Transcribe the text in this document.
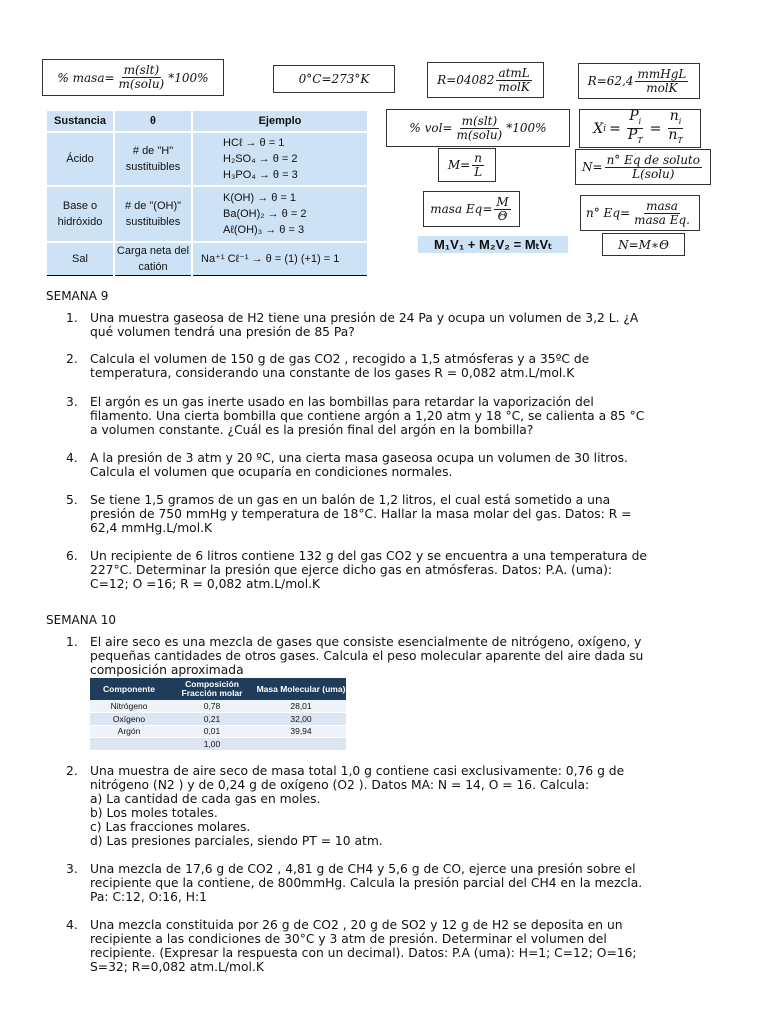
% masa= $\frac{\text{m(slt)}}{\text{m(solu)}} *100\%$	0°C=273°K	$R=04082 \frac{\text{atmL}}{\text{molK}}$	$R=62,4 \frac{\text{mmHgL}}{\text{molK}}$
Sustancia	θ	Ejemplo
Ácido	# de "H" sustituibles	HCℓ → θ = 1
H₂SO₄ → θ = 2
H₃PO₄ → θ = 3

Base o hidróxido	# de "(OH)" sustituibles	K(OH) → θ = 1
Ba(OH)₂ → θ = 2
Aℓ(OH)₃ → θ = 3

Sal	Carga neta del catión	Na⁺¹ Cℓ⁻¹ → θ = (1) (+1) = 1
% $vol= \frac{\text{m(slt)}}{\text{m(solu)}} *100\%$	X $i = \frac{P_i}{P_T} = \frac{n_i}{n_T}$
$M= \frac{n}{L}$	$N= \frac{\text{n° Eq de soluto}}{\text{L(solu)}}$
masa $Eq= \frac{M}{\Theta}$	n° $Eq= \frac{\text{masa}}{\text{masa Eq.}}$
M₁V₁ + M₂V₂ = MₜVₜ	N=M∗Θ
SEMANA 9
1. Una muestra gaseosa de H2 tiene una presión de 24 Pa y ocupa un volumen de 3,2 L. ¿A
qué volumen tendrá una presión de 85 Pa?
2. Calcula el volumen de 150 g de gas CO2 , recogido a 1,5 atmósferas y a 35ºC de
temperatura, considerando una constante de los gases R = 0,082 atm.L/mol.K
3. El argón es un gas inerte usado en las bombillas para retardar la vaporización del
filamento. Una cierta bombilla que contiene argón a 1,20 atm y 18 °C, se calienta a 85 °C
a volumen constante. ¿Cuál es la presión final del argón en la bombilla?
4. A la presión de 3 atm y 20 ºC, una cierta masa gaseosa ocupa un volumen de 30 litros.
Calcula el volumen que ocuparía en condiciones normales.
5. Se tiene 1,5 gramos de un gas en un balón de 1,2 litros, el cual está sometido a una
presión de 750 mmHg y temperatura de 18°C. Hallar la masa molar del gas. Datos: R =
62,4 mmHg.L/mol.K
6. Un recipiente de 6 litros contiene 132 g del gas CO2 y se encuentra a una temperatura de
227°C. Determinar la presión que ejerce dicho gas en atmósferas. Datos: P.A. (uma):
C=12; O =16; R = 0,082 atm.L/mol.K
SEMANA 10
1. El aire seco es una mezcla de gases que consiste esencialmente de nitrógeno, oxígeno, y
pequeñas cantidades de otros gases. Calcula el peso molecular aparente del aire dada su
composición aproximada
2. Una muestra de aire seco de masa total 1,0 g contiene casi exclusivamente: 0,76 g de
nitrógeno (N2 ) y de 0,24 g de oxígeno (O2 ). Datos MA: N = 14, O = 16. Calcula:
a) La cantidad de cada gas en moles.
b) Los moles totales.
c) Las fracciones molares.
d) Las presiones parciales, siendo PT = 10 atm.
3. Una mezcla de 17,6 g de CO2 , 4,81 g de CH4 y 5,6 g de CO, ejerce una presión sobre el
recipiente que la contiene, de 800mmHg. Calcula la presión parcial del CH4 en la mezcla.
Pa: C:12, O:16, H:1
4. Una mezcla constituida por 26 g de CO2 , 20 g de SO2 y 12 g de H2 se deposita en un
recipiente a las condiciones de 30°C y 3 atm de presión. Determinar el volumen del
recipiente. (Expresar la respuesta con un decimal). Datos: P.A (uma): H=1; C=12; O=16;
S=32; R=0,082 atm.L/mol.K
Componente	Composición Fracción molar	Masa Molecular (uma)
Nitrógeno	0,78	28,01
Oxígeno	0,21	32,00
Argón	0,01	39,94
	1,00	
